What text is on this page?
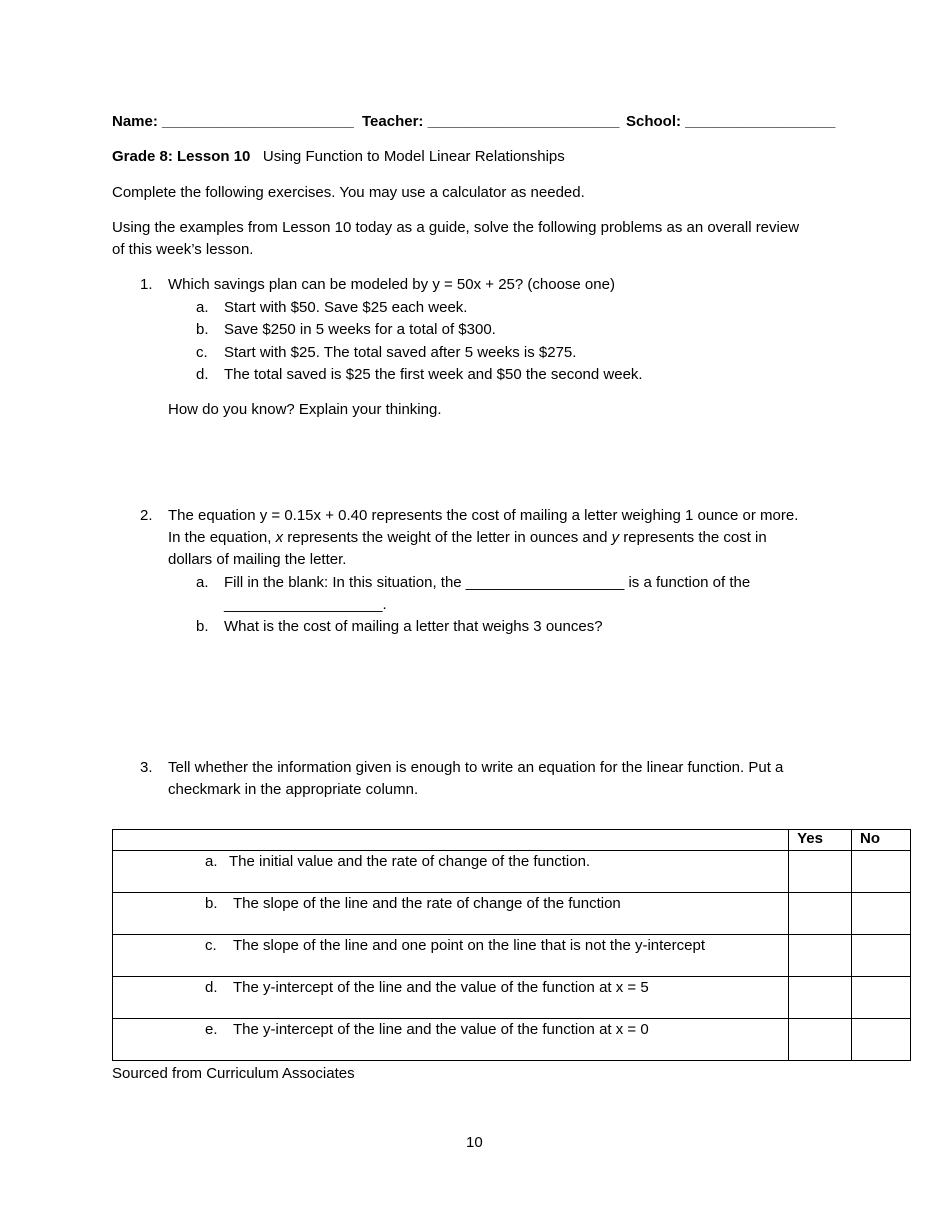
Name: _______________________ Teacher: _______________________ School: __________________
Grade 8: Lesson 10 Using Function to Model Linear Relationships
Complete the following exercises. You may use a calculator as needed.
Using the examples from Lesson 10 today as a guide, solve the following problems as an overall review
of this week’s lesson.
1. Which savings plan can be modeled by y = 50x + 25? (choose one)
a. Start with $50. Save $25 each week.
b. Save $250 in 5 weeks for a total of $300.
c. Start with $25. The total saved after 5 weeks is $275.
d. The total saved is $25 the first week and $50 the second week.
How do you know? Explain your thinking.
2. The equation y = 0.15x + 0.40 represents the cost of mailing a letter weighing 1 ounce or more.
In the equation, x represents the weight of the letter in ounces and y represents the cost in
dollars of mailing the letter.
a. Fill in the blank: In this situation, the ___________________ is a function of the
___________________.
b. What is the cost of mailing a letter that weighs 3 ounces?
3. Tell whether the information given is enough to write an equation for the linear function. Put a
checkmark in the appropriate column.
	Yes	No

a. The initial value and the rate of change of the function.		

b. The slope of the line and the rate of change of the function		

c. The slope of the line and one point on the line that is not the y-intercept		

d. The y-intercept of the line and the value of the function at x = 5		

e. The y-intercept of the line and the value of the function at x = 0		

Sourced from Curriculum Associates
10
